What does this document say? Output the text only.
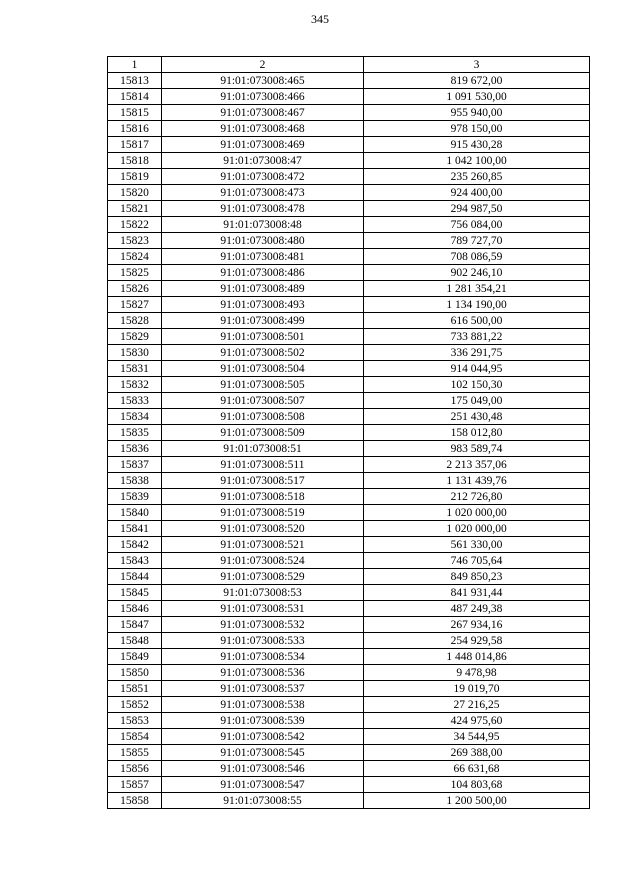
345
1	2	3
15813	91:01:073008:465	819 672,00
15814	91:01:073008:466	1 091 530,00
15815	91:01:073008:467	955 940,00
15816	91:01:073008:468	978 150,00
15817	91:01:073008:469	915 430,28
15818	91:01:073008:47	1 042 100,00
15819	91:01:073008:472	235 260,85
15820	91:01:073008:473	924 400,00
15821	91:01:073008:478	294 987,50
15822	91:01:073008:48	756 084,00
15823	91:01:073008:480	789 727,70
15824	91:01:073008:481	708 086,59
15825	91:01:073008:486	902 246,10
15826	91:01:073008:489	1 281 354,21
15827	91:01:073008:493	1 134 190,00
15828	91:01:073008:499	616 500,00
15829	91:01:073008:501	733 881,22
15830	91:01:073008:502	336 291,75
15831	91:01:073008:504	914 044,95
15832	91:01:073008:505	102 150,30
15833	91:01:073008:507	175 049,00
15834	91:01:073008:508	251 430,48
15835	91:01:073008:509	158 012,80
15836	91:01:073008:51	983 589,74
15837	91:01:073008:511	2 213 357,06
15838	91:01:073008:517	1 131 439,76
15839	91:01:073008:518	212 726,80
15840	91:01:073008:519	1 020 000,00
15841	91:01:073008:520	1 020 000,00
15842	91:01:073008:521	561 330,00
15843	91:01:073008:524	746 705,64
15844	91:01:073008:529	849 850,23
15845	91:01:073008:53	841 931,44
15846	91:01:073008:531	487 249,38
15847	91:01:073008:532	267 934,16
15848	91:01:073008:533	254 929,58
15849	91:01:073008:534	1 448 014,86
15850	91:01:073008:536	9 478,98
15851	91:01:073008:537	19 019,70
15852	91:01:073008:538	27 216,25
15853	91:01:073008:539	424 975,60
15854	91:01:073008:542	34 544,95
15855	91:01:073008:545	269 388,00
15856	91:01:073008:546	66 631,68
15857	91:01:073008:547	104 803,68
15858	91:01:073008:55	1 200 500,00
